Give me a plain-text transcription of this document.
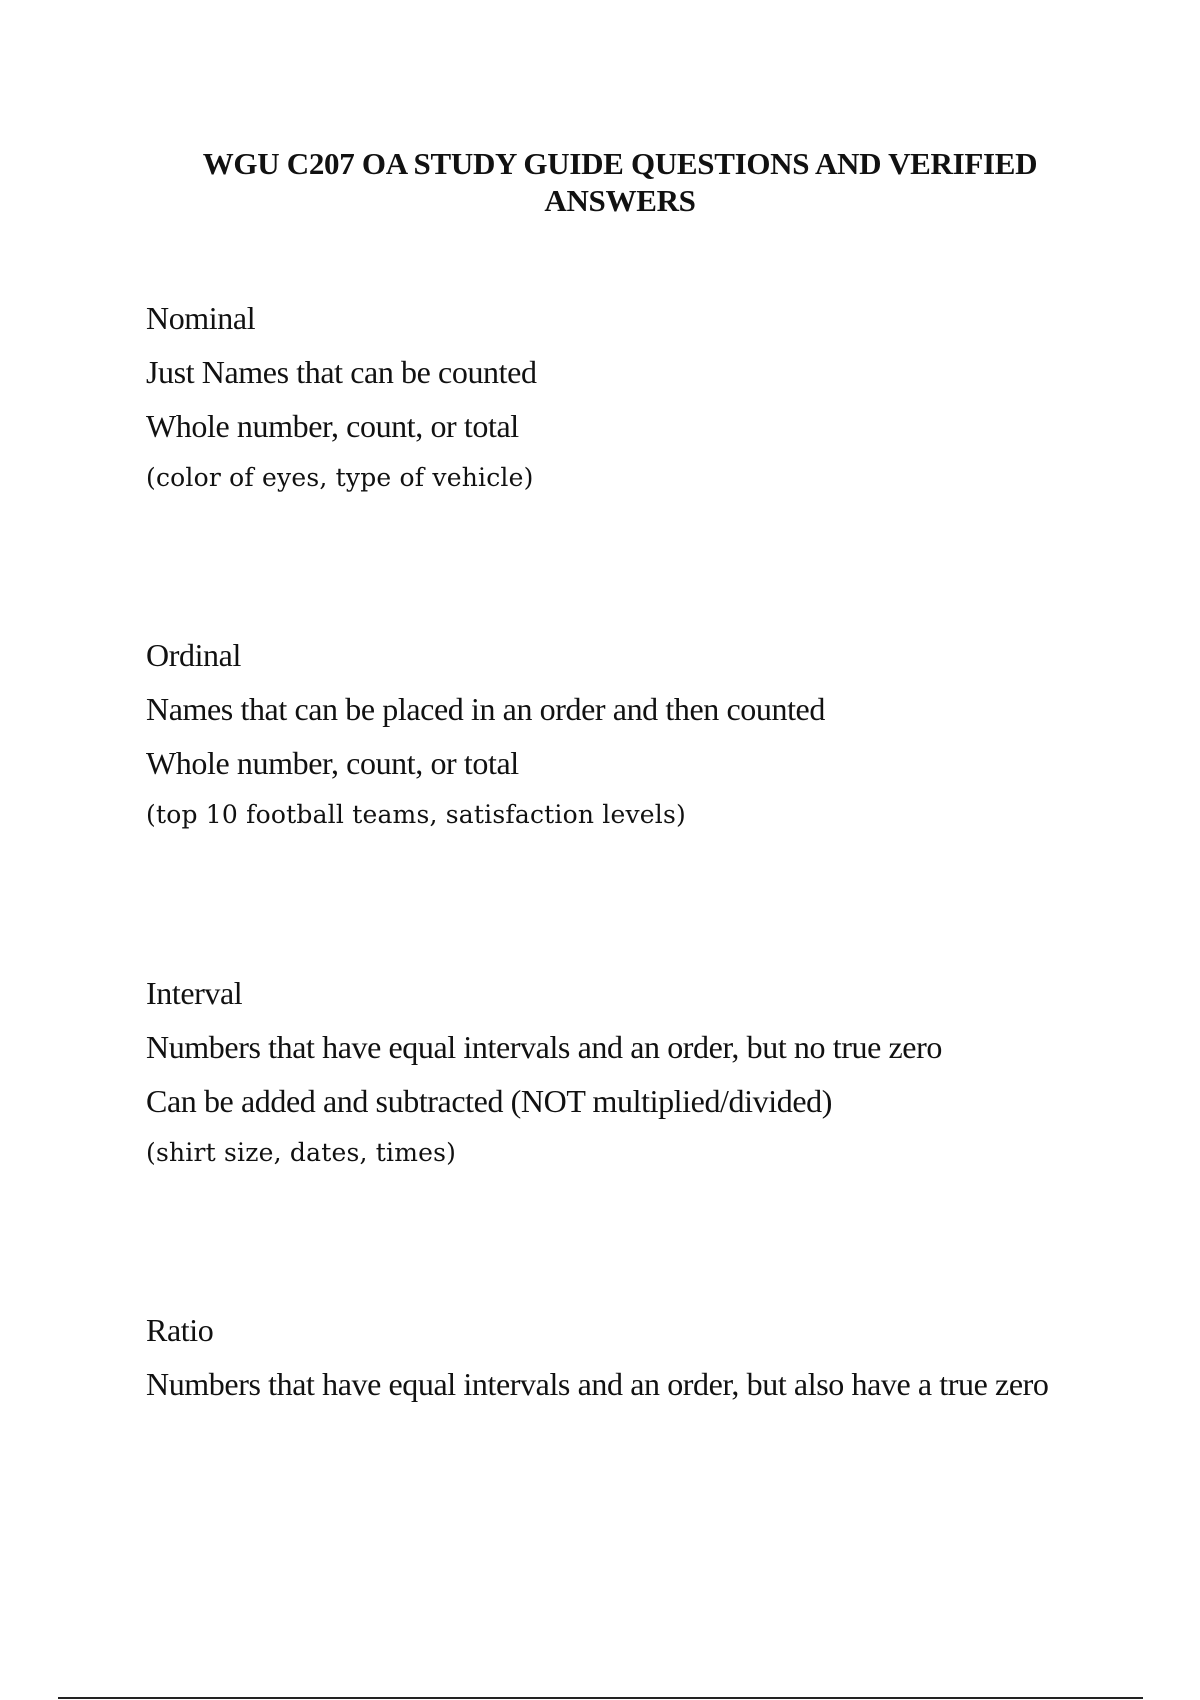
WGU C207 OA STUDY GUIDE QUESTIONS AND VERIFIED
ANSWERS

Nominal

Just Names that can be counted

Whole number, count, or total

(color of eyes, type of vehicle)

Ordinal

Names that can be placed in an order and then counted

Whole number, count, or total

(top 10 football teams, satisfaction levels)

Interval

Numbers that have equal intervals and an order, but no true zero

Can be added and subtracted (NOT multiplied/divided)

(shirt size, dates, times)

Ratio

Numbers that have equal intervals and an order, but also have a true zero
